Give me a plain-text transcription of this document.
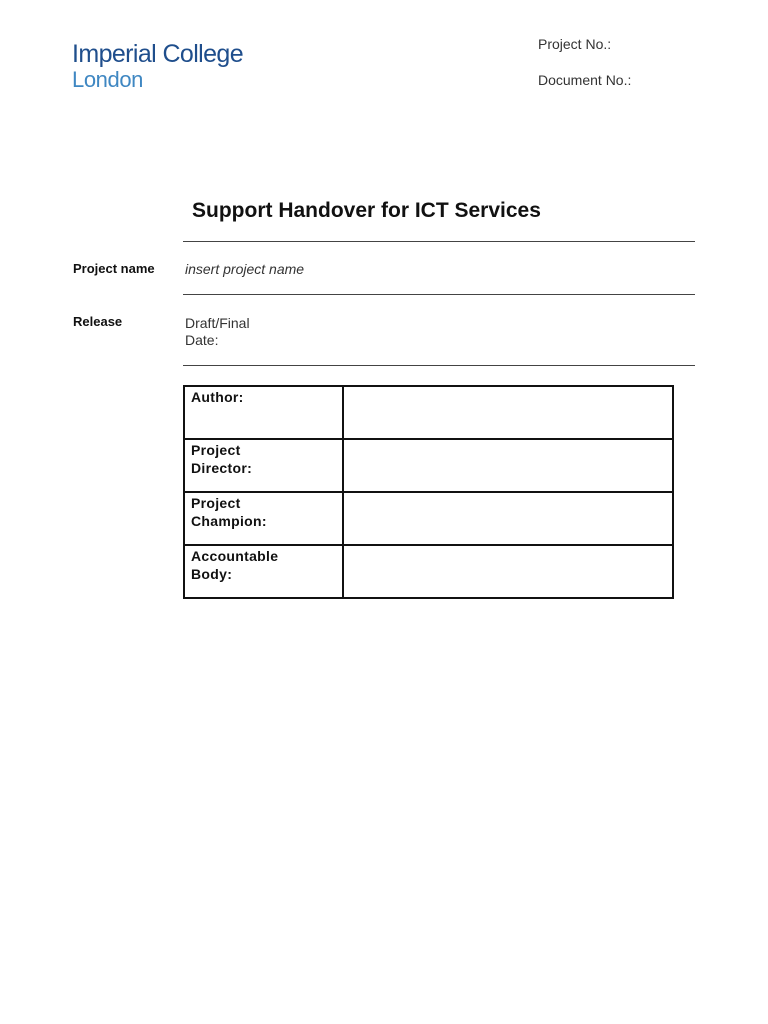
Imperial College
London
Project No.:
Document No.:
Support Handover for ICT Services
Project name insert project name
Release	Draft/Final
Date:
Author:	

Project
Director:	

Project
Champion:	

Accountable
Body:	
